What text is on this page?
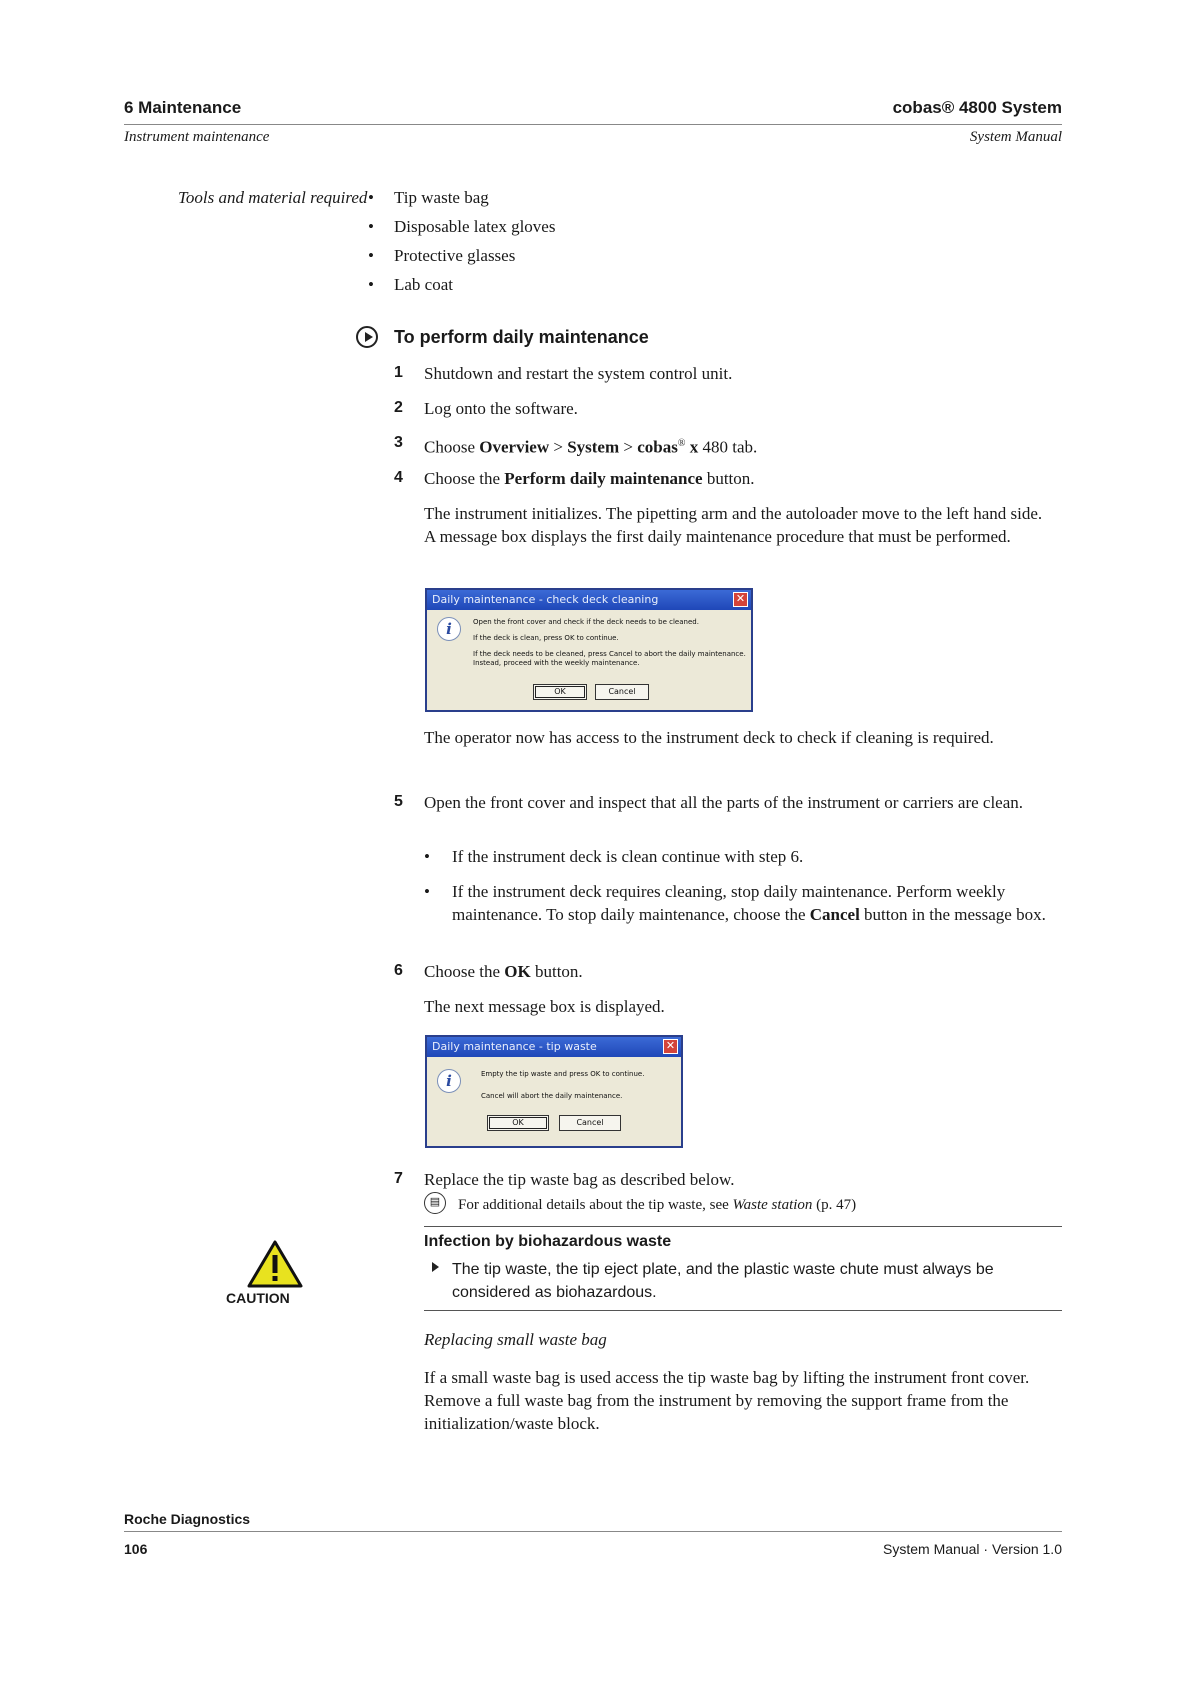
6 Maintenance	cobas® 4800 System
Instrument maintenance	System Manual
Tools and material required • Tip waste bag
• Disposable latex gloves
• Protective glasses
• Lab coat
To perform daily maintenance
1 Shutdown and restart the system control unit.
2 Log onto the software.
3 Choose Overview > System > cobas® x 480 tab.
4 Choose the Perform daily maintenance button.
The instrument initializes. The pipetting arm and the autoloader move to the left hand side. A message box displays the first daily maintenance procedure that must be performed.
Daily maintenance - check deck cleaning	✕
i	Open the front cover and check if the deck needs to be cleaned.
If the deck is clean, press OK to continue.
If the deck needs to be cleaned, press Cancel to abort the daily maintenance.
Instead, proceed with the weekly maintenance.
OK	Cancel
The operator now has access to the instrument deck to check if cleaning is required.
5 Open the front cover and inspect that all the parts of the instrument or carriers are clean.
• If the instrument deck is clean continue with step 6.
• If the instrument deck requires cleaning, stop daily maintenance. Perform weekly maintenance. To stop daily maintenance, choose the Cancel button in the message box.
6 Choose the OK button.
The next message box is displayed.
Daily maintenance - tip waste	✕
i	Empty the tip waste and press OK to continue.
Cancel will abort the daily maintenance.
OK	Cancel
7 Replace the tip waste bag as described below.
▤	For additional details about the tip waste, see Waste station (p. 47)
CAUTION
Infection by biohazardous waste
The tip waste, the tip eject plate, and the plastic waste chute must always be considered as biohazardous.
Replacing small waste bag
If a small waste bag is used access the tip waste bag by lifting the instrument front cover. Remove a full waste bag from the instrument by removing the support frame from the initialization/waste block.
Roche Diagnostics
106	System Manual · Version 1.0
